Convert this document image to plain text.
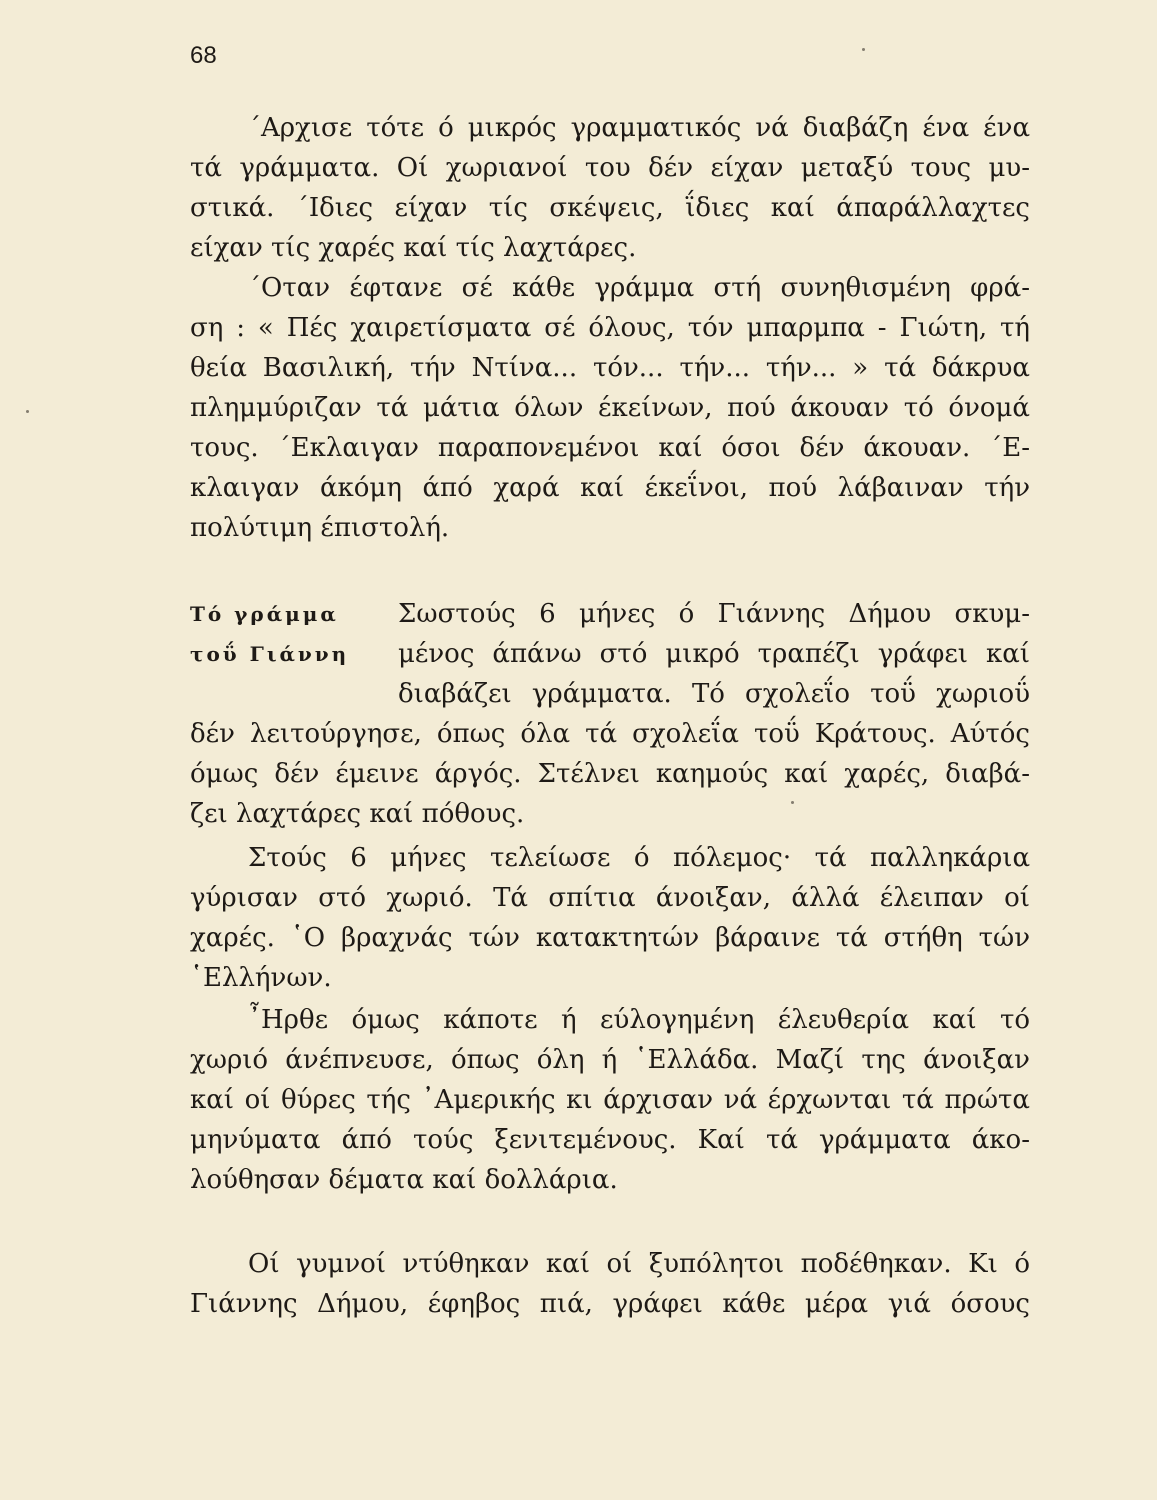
68
΄Αρχισε τότε ό μικρός γραμματικός νά διαβάζη ένα ένα
τά γράμματα. Οί χωριανοί του δέν είχαν μεταξύ τους μυ-
στικά. ΄Ιδιες είχαν τίς σκέψεις, ΐδιες καί άπαράλλαχτες
είχαν τίς χαρές καί τίς λαχτάρες.
΄Οταν έφτανε σέ κάθε γράμμα στή συνηθισμένη φρά-
ση : « Πές χαιρετίσματα σέ όλους, τόν μπαρμπα - Γιώτη, τή
θεία Βασιλική, τήν Ντίνα... τόν... τήν... τήν... » τά δάκρυα
πλημμύριζαν τά μάτια όλων έκείνων, πού άκουαν τό όνομά
τους. ΄Εκλαιγαν παραπονεμένοι καί όσοι δέν άκουαν. ΄Ε-
κλαιγαν άκόμη άπό χαρά καί έκεΐνοι, πού λάβαιναν τήν
πολύτιμη έπιστολή.
Τό γράμμα
τοΰ Γιάννη
Σωστούς 6 μήνες ό Γιάννης Δήμου σκυμ-
μένος άπάνω στό μικρό τραπέζι γράφει καί
διαβάζει γράμματα. Τό σχολεΐο τοΰ χωριοΰ
δέν λειτούργησε, όπως όλα τά σχολεΐα τοΰ Κράτους. Αύτός
όμως δέν έμεινε άργός. Στέλνει καημούς καί χαρές, διαβά-
ζει λαχτάρες καί πόθους.
Στούς 6 μήνες τελείωσε ό πόλεμος· τά παλληκάρια
γύρισαν στό χωριό. Τά σπίτια άνοιξαν, άλλά έλειπαν οί
χαρές. ῾Ο βραχνάς τών κατακτητών βάραινε τά στήθη τών
῾Ελλήνων.
῏Ηρθε όμως κάποτε ή εύλογημένη έλευθερία καί τό
χωριό άνέπνευσε, όπως όλη ή ῾Ελλάδα. Μαζί της άνοιξαν
καί οί θύρες τής ᾿Αμερικής κι άρχισαν νά έρχωνται τά πρώτα
μηνύματα άπό τούς ξενιτεμένους. Καί τά γράμματα άκο-
λούθησαν δέματα καί δολλάρια.
Οί γυμνοί ντύθηκαν καί οί ξυπόλητοι ποδέθηκαν. Κι ό
Γιάννης Δήμου, έφηβος πιά, γράφει κάθε μέρα γιά όσους
